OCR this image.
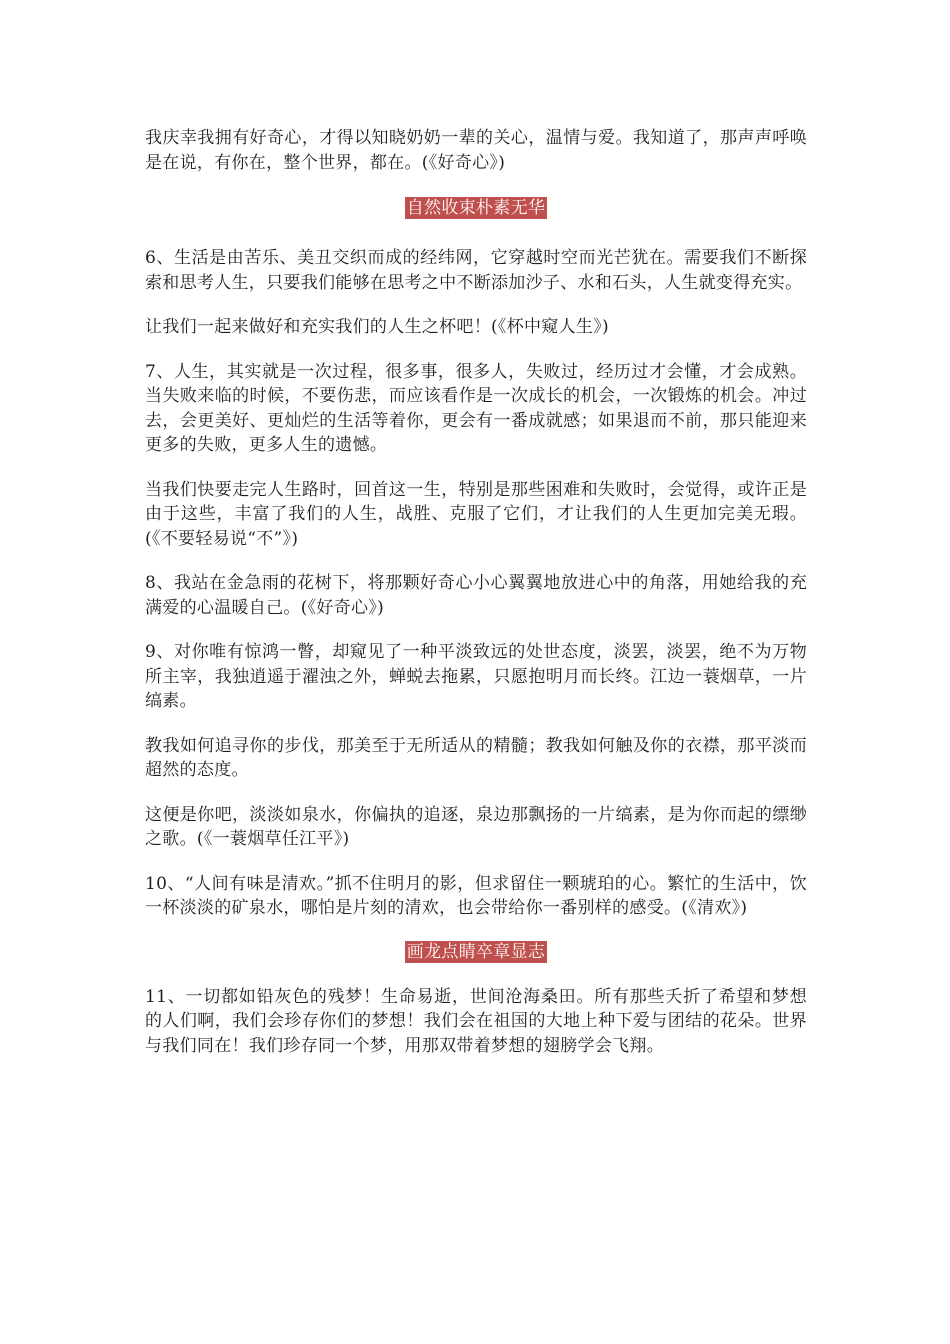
我庆幸我拥有好奇心，才得以知晓奶奶一辈的关心，温情与爱。我知道了，那声声呼唤是在说，有你在，整个世界，都在。(《好奇心》)

自然收束朴素无华

6、生活是由苦乐、美丑交织而成的经纬网，它穿越时空而光芒犹在。需要我们不断探索和思考人生，只要我们能够在思考之中不断添加沙子、水和石头，人生就变得充实。

让我们一起来做好和充实我们的人生之杯吧！(《杯中窥人生》)

7、人生，其实就是一次过程，很多事，很多人，失败过，经历过才会懂，才会成熟。当失败来临的时候，不要伤悲，而应该看作是一次成长的机会，一次锻炼的机会。冲过去，会更美好、更灿烂的生活等着你，更会有一番成就感；如果退而不前，那只能迎来更多的失败，更多人生的遗憾。

当我们快要走完人生路时，回首这一生，特别是那些困难和失败时，会觉得，或许正是由于这些，丰富了我们的人生，战胜、克服了它们，才让我们的人生更加完美无瑕。(《不要轻易说“不”》)

8、我站在金急雨的花树下，将那颗好奇心小心翼翼地放进心中的角落，用她给我的充满爱的心温暖自己。(《好奇心》)

9、对你唯有惊鸿一瞥，却窥见了一种平淡致远的处世态度，淡罢，淡罢，绝不为万物所主宰，我独逍遥于濯浊之外，蝉蜕去拖累，只愿抱明月而长终。江边一蓑烟草，一片缟素。

教我如何追寻你的步伐，那美至于无所适从的精髓；教我如何触及你的衣襟，那平淡而超然的态度。

这便是你吧，淡淡如泉水，你偏执的追逐，泉边那飘扬的一片缟素，是为你而起的缥缈之歌。(《一蓑烟草任江平》)

10、“人间有味是清欢。”抓不住明月的影，但求留住一颗琥珀的心。繁忙的生活中，饮一杯淡淡的矿泉水，哪怕是片刻的清欢，也会带给你一番别样的感受。(《清欢》)

画龙点睛卒章显志

11、一切都如铅灰色的残梦！生命易逝，世间沧海桑田。所有那些夭折了希望和梦想的人们啊，我们会珍存你们的梦想！我们会在祖国的大地上种下爱与团结的花朵。世界与我们同在！我们珍存同一个梦，用那双带着梦想的翅膀学会飞翔。
